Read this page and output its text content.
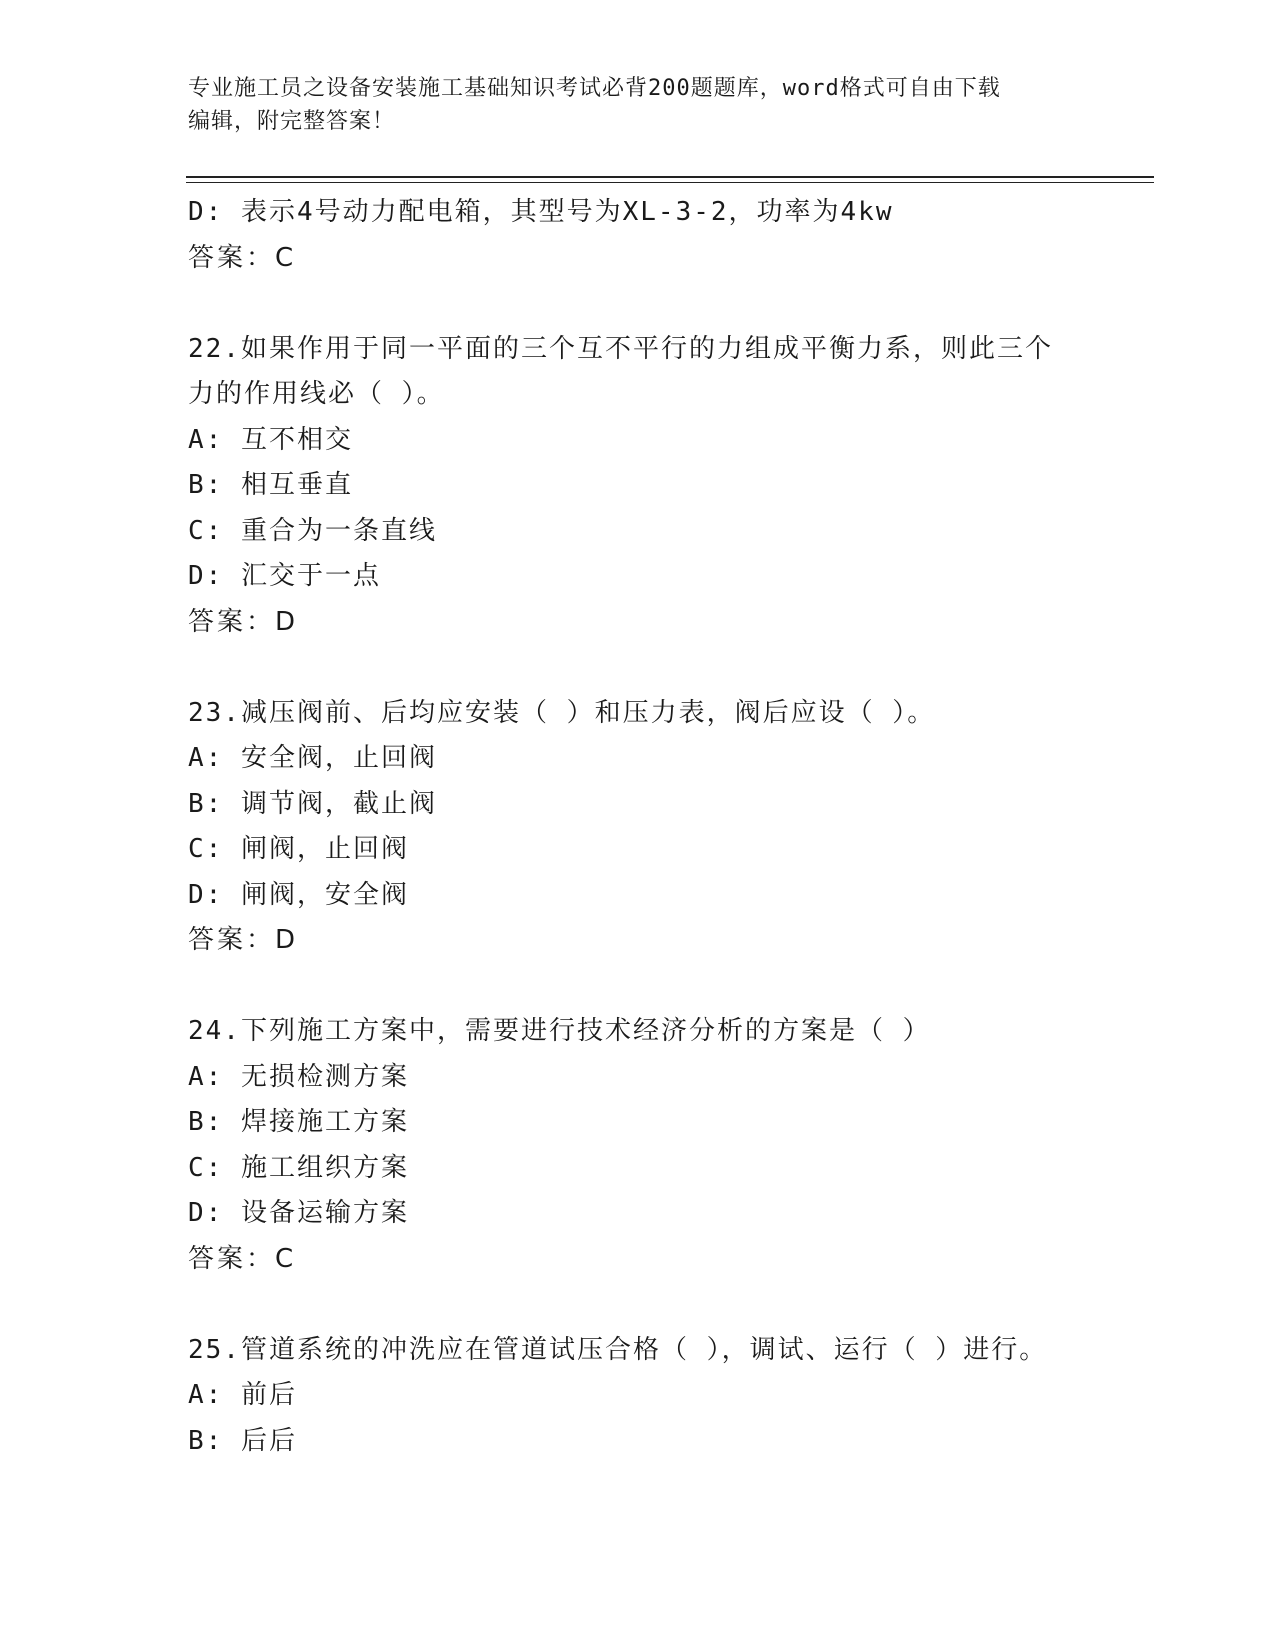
专业施工员之设备安装施工基础知识考试必背200题题库，word格式可自由下载
编辑，附完整答案！
D: 表示4号动力配电箱，其型号为XL-3-2，功率为4kw
答案：C
22.如果作用于同一平面的三个互不平行的力组成平衡力系，则此三个
力的作用线必（ ）。
A: 互不相交
B: 相互垂直
C: 重合为一条直线
D: 汇交于一点
答案：D
23.减压阀前、后均应安装（ ）和压力表，阀后应设（ ）。
A: 安全阀，止回阀
B: 调节阀，截止阀
C: 闸阀，止回阀
D: 闸阀，安全阀
答案：D
24.下列施工方案中，需要进行技术经济分析的方案是（ ）
A: 无损检测方案
B: 焊接施工方案
C: 施工组织方案
D: 设备运输方案
答案：C
25.管道系统的冲洗应在管道试压合格（ ），调试、运行（ ）进行。
A: 前后
B: 后后
